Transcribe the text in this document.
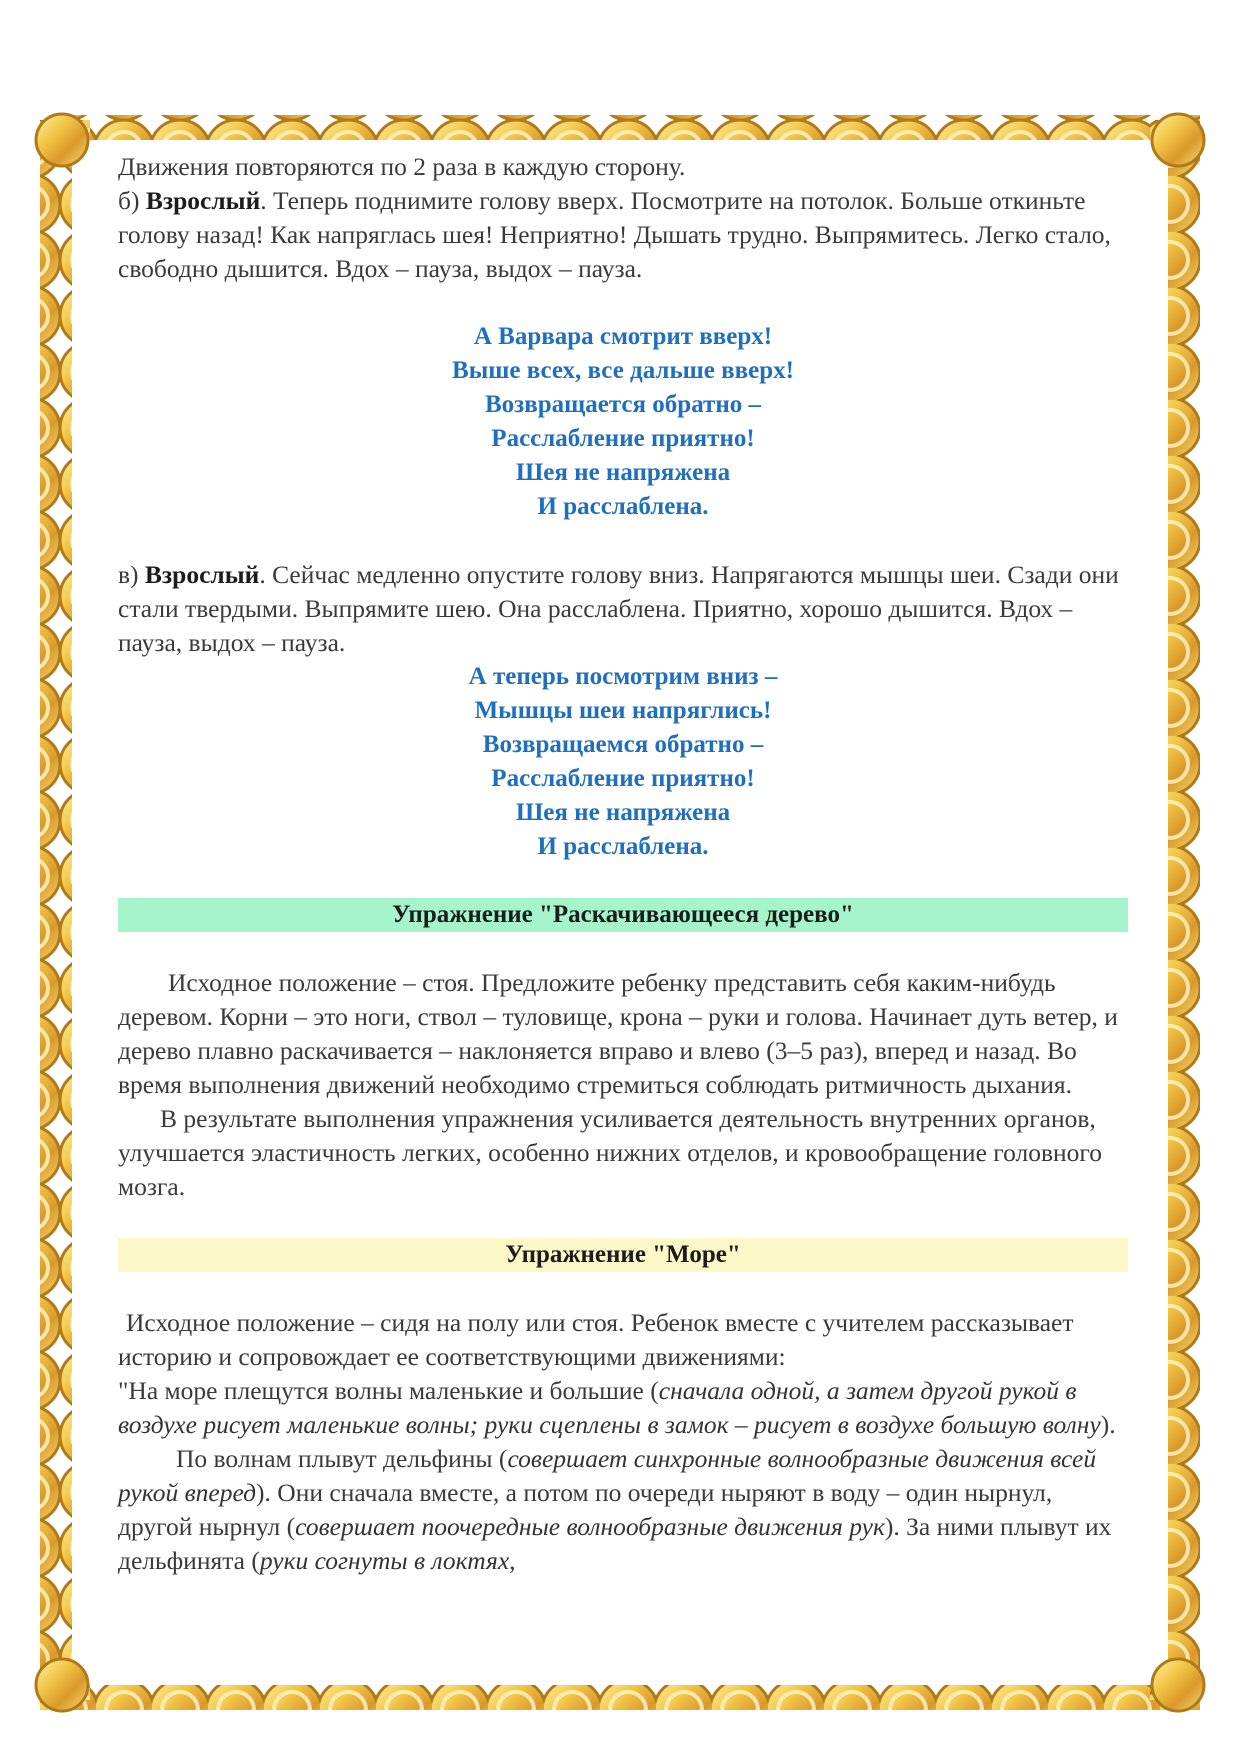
Движения повторяются по 2 раза в каждую сторону.

б) Взрослый. Теперь поднимите голову вверх. Посмотрите на потолок. Больше откиньте голову назад! Как напряглась шея! Неприятно! Дышать трудно. Выпрямитесь. Легко стало, свободно дышится. Вдох – пауза, выдох – пауза.

А Варвара смотрит вверх!
Выше всех, все дальше вверх!
Возвращается обратно –
Расслабление приятно!
Шея не напряжена
И расслаблена.

в) Взрослый. Сейчас медленно опустите голову вниз. Напрягаются мышцы шеи. Сзади они стали твердыми. Выпрямите шею. Она расслаблена. Приятно, хорошо дышится. Вдох – пауза, выдох – пауза.

А теперь посмотрим вниз –
Мышцы шеи напряглись!
Возвращаемся обратно –
Расслабление приятно!
Шея не напряжена
И расслаблена.

Упражнение "Раскачивающееся дерево"

Исходное положение – стоя. Предложите ребенку представить себя каким-нибудь деревом. Корни – это ноги, ствол – туловище, крона – руки и голова. Начинает дуть ветер, и дерево плавно раскачивается – наклоняется вправо и влево (3–5 раз), вперед и назад. Во время выполнения движений необходимо стремиться соблюдать ритмичность дыхания.

В результате выполнения упражнения усиливается деятельность внутренних органов, улучшается эластичность легких, особенно нижних отделов, и кровообращение головного мозга.

Упражнение "Море"

Исходное положение – сидя на полу или стоя. Ребенок вместе с учителем рассказывает историю и сопровождает ее соответствующими движениями:

"На море плещутся волны маленькие и большие (сначала одной, а затем другой рукой в воздухе рисует маленькие волны; руки сцеплены в замок – рисует в воздухе большую волну).

По волнам плывут дельфины (совершает синхронные волнообразные движения всей рукой вперед). Они сначала вместе, а потом по очереди ныряют в воду – один нырнул, другой нырнул (совершает поочередные волнообразные движения рук). За ними плывут их дельфинята (руки согнуты в локтях,
